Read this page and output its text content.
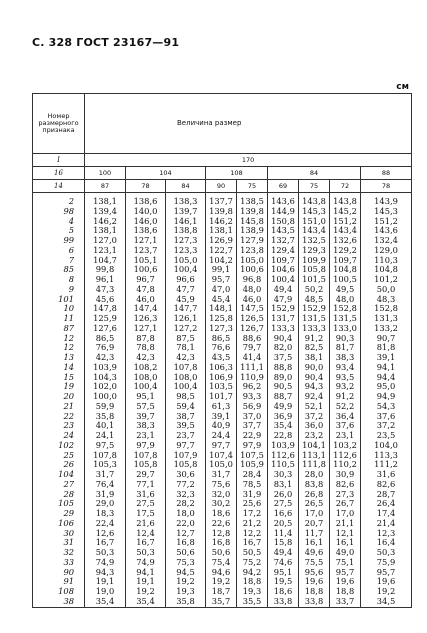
С. 328 ГОСТ 23167—91
см
Номер размерного признака	Величина размер								
I	170								
16	100	104		108		84			88
14	87	78	84	90	75	69	75	72	78
2	138,1	138,6	138,3	137,7	138,5	143,6	143,8	143,8	143,9
98	139,4	140,0	139,7	139,8	139,8	144,9	145,3	145,2	145,3
4	146,2	146,0	146,1	146,2	145,8	150,8	151,0	151,2	151,2
5	138,1	138,6	138,8	138,1	138,9	143,5	143,4	143,4	143,6
99	127,0	127,1	127,3	126,9	127,9	132,7	132,5	132,6	132,4
6	123,1	123,7	123,3	122,7	123,8	129,4	129,3	129,2	129,0
7	104,7	105,1	105,0	104,2	105,0	109,7	109,9	109,7	110,3
85	99,8	100,6	100,4	99,1	100,6	104,6	105,8	104,8	104,8
8	96,1	96,7	96,6	95,7	96,8	100,4	101,5	100,5	101,2
9	47,3	47,8	47,7	47,0	48,0	49,4	50,2	49,5	50,0
101	45,6	46,0	45,9	45,4	46,0	47,9	48,5	48,0	48,3
10	147,8	147,4	147,7	148,1	147,5	152,9	152,9	152,8	152,8
11	125,9	126,3	126,1	125,8	126,5	131,7	131,5	131,5	131,3
87	127,6	127,1	127,2	127,3	126,7	133,3	133,3	133,0	133,2
12	86,5	87,8	87,5	86,5	88,6	90,4	91,2	90,3	90,7
12	76,9	78,8	78,1	76,6	79,7	82,0	82,5	81,7	81,8
13	42,3	42,3	42,3	43,5	41,4	37,5	38,1	38,3	39,1
14	103,9	108,2	107,8	106,3	111,1	88,8	90,0	93,4	94,1
15	104,3	108,0	108,0	106,9	110,9	89,0	90,4	93,5	94,4
19	102,0	100,4	100,4	103,5	96,2	90,5	94,3	93,2	95,0
20	100,0	95,1	98,5	101,7	93,3	88,7	92,4	91,2	94,9
21	59,9	57,5	59,4	61,3	56,9	49,9	52,1	52,2	54,3
22	35,8	39,7	38,7	39,1	37,0	36,9	37,2	36,4	37,6
23	40,1	38,3	39,5	40,9	37,7	35,4	36,0	37,6	37,2
24	24,1	23,1	23,7	24,4	22,9	22,8	23,2	23,1	23,5
102	97,5	97,9	97,7	97,7	97,9	103,9	104,1	103,2	104,0
25	107,8	107,8	107,9	107,4	107,5	112,6	113,1	112,6	113,3
26	105,3	105,8	105,8	105,0	105,9	110,5	111,8	110,2	111,2
104	31,7	29,7	30,6	31,7	28,4	30,3	28,0	30,9	31,6
27	76,4	77,1	77,2	75,6	78,5	83,1	83,8	82,6	82,6
28	31,9	31,6	32,3	32,0	31,9	26,0	26,8	27,3	28,7
105	29,0	27,5	28,2	30,2	25,6	27,5	26,5	26,7	26,4
29	18,3	17,5	18,0	18,6	17,2	16,6	17,0	17,0	17,4
106	22,4	21,6	22,0	22,6	21,2	20,5	20,7	21,1	21,4
30	12,6	12,4	12,7	12,8	12,2	11,4	11,7	12,1	12,3
31	16,7	16,7	16,8	16,8	16,7	15,8	16,1	16,1	16,4
32	50,3	50,3	50,6	50,6	50,5	49,4	49,6	49,0	50,3
33	74,9	74,9	75,3	75,4	75,2	74,6	75,5	75,1	75,9
90	94,3	94,1	94,5	94,6	94,2	95,1	95,6	95,7	95,7
91	19,1	19,1	19,2	19,2	18,8	19,5	19,6	19,6	19,6
108	19,0	19,2	19,3	18,7	19,3	18,6	18,8	18,8	19,2
38	35,4	35,4	35,8	35,7	35,5	33,8	33,8	33,7	34,5
